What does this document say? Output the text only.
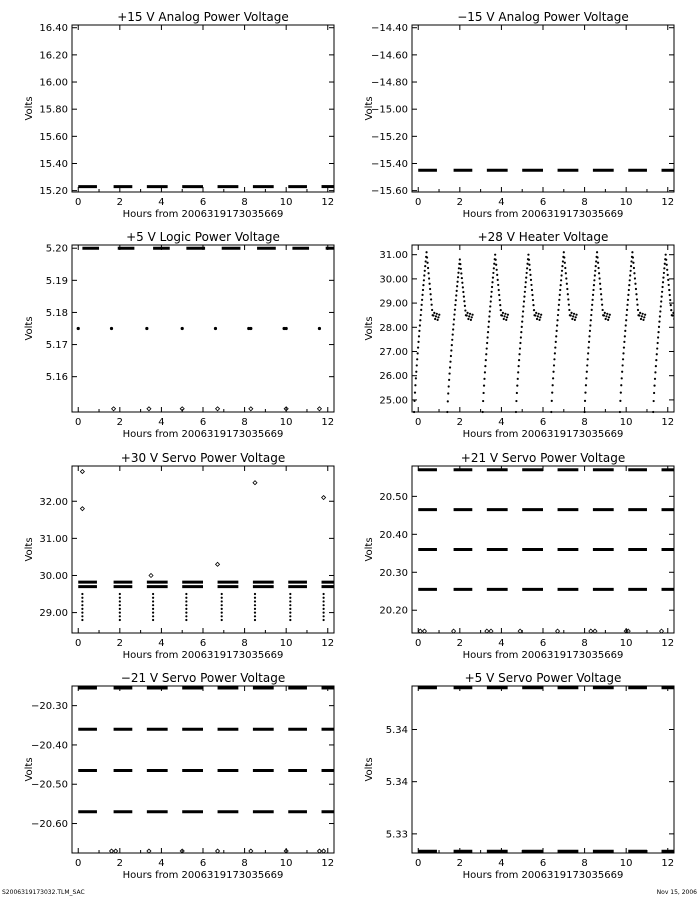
+15 V Analog Power Voltage
0	2	4	6	8	10	12
15.20
15.40
15.60
15.80
16.00
16.20
16.40
Hours from 2006319173035669
Volts
−15 V Analog Power Voltage
0	2	4	6	8	10	12
−15.60
−15.40
−15.20
−15.00
−14.80
−14.60
−14.40
Hours from 2006319173035669
Volts
+5 V Logic Power Voltage
0	2	4	6	8	10	12
5.16
5.17
5.18
5.19
5.20
Hours from 2006319173035669
Volts
+28 V Heater Voltage
0	2	4	6	8	10	12
25.00
26.00
27.00
28.00
29.00
30.00
31.00
Hours from 2006319173035669
Volts
+30 V Servo Power Voltage
0	2	4	6	8	10	12
29.00
30.00
31.00
32.00
Hours from 2006319173035669
Volts
+21 V Servo Power Voltage
0	2	4	6	8	10	12
20.20
20.30
20.40
20.50
Hours from 2006319173035669
Volts
−21 V Servo Power Voltage
0	2	4	6	8	10	12
−20.60
−20.50
−20.40
−20.30
Hours from 2006319173035669
Volts
+5 V Servo Power Voltage
0	2	4	6	8	10	12
5.33
5.34
5.34
Hours from 2006319173035669
Volts
S2006319173032.TLM_SAC	Nov 15, 2006
